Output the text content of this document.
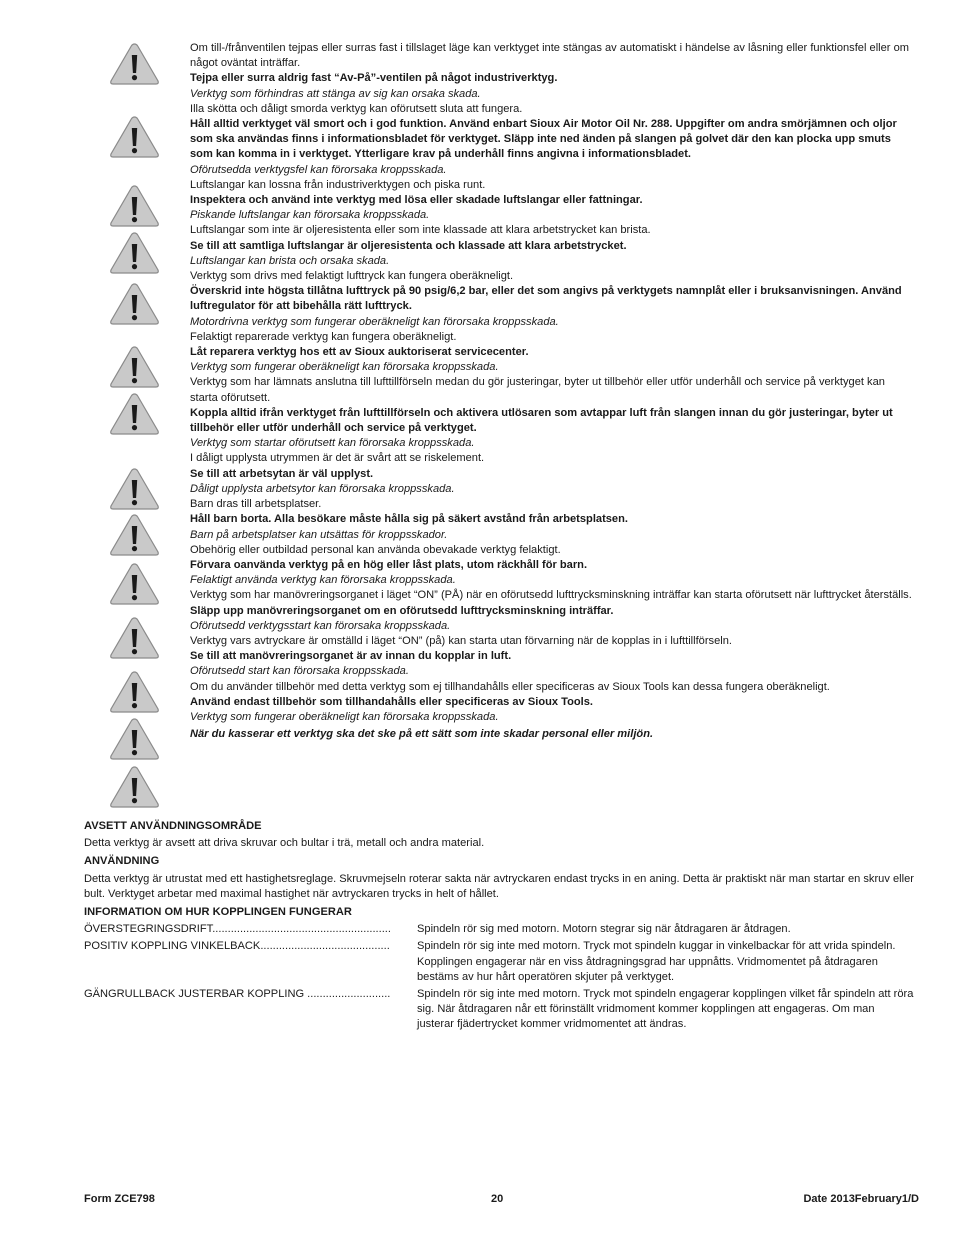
Om till-/frånventilen tejpas eller surras fast i tillslaget läge kan verktyget inte stängas av automatiskt i händelse av låsning eller funktionsfel eller om något oväntat inträffar.

Tejpa eller surra aldrig fast “Av-På”-ventilen på något industriverktyg.

Verktyg som förhindras att stänga av sig kan orsaka skada.

Illa skötta och dåligt smorda verktyg kan oförutsett sluta att fungera.

Håll alltid verktyget väl smort och i god funktion. Använd enbart Sioux Air Motor Oil Nr. 288. Uppgifter om andra smörjämnen och oljor som ska användas finns i informationsbladet för verktyget. Släpp inte ned änden på slangen på golvet där den kan plocka upp smuts som kan komma in i verktyget. Ytterligare krav på underhåll finns angivna i informationsbladet.

Oförutsedda verktygsfel kan förorsaka kroppsskada.

Luftslangar kan lossna från industriverktygen och piska runt.

Inspektera och använd inte verktyg med lösa eller skadade luftslangar eller fattningar.

Piskande luftslangar kan förorsaka kroppsskada.

Luftslangar som inte är oljeresistenta eller som inte klassade att klara arbetstrycket kan brista.

Se till att samtliga luftslangar är oljeresistenta och klassade att klara arbetstrycket.

Luftslangar kan brista och orsaka skada.

Verktyg som drivs med felaktigt lufttryck kan fungera oberäkneligt.

Överskrid inte högsta tillåtna lufttryck på 90 psig/6,2 bar, eller det som angivs på verktygets namnplåt eller i bruksanvisningen. Använd luftregulator för att bibehålla rätt lufttryck.

Motordrivna verktyg som fungerar oberäkneligt kan förorsaka kroppsskada.

Felaktigt reparerade verktyg kan fungera oberäkneligt.

Låt reparera verktyg hos ett av Sioux auktoriserat servicecenter.

Verktyg som fungerar oberäkneligt kan förorsaka kroppsskada.

Verktyg som har lämnats anslutna till lufttillförseln medan du gör justeringar, byter ut tillbehör eller utför underhåll och service på verktyget kan starta oförutsett.

Koppla alltid ifrån verktyget från lufttillförseln och aktivera utlösaren som avtappar luft från slangen innan du gör justeringar, byter ut tillbehör eller utför underhåll och service på verktyget.

Verktyg som startar oförutsett kan förorsaka kroppsskada.

I dåligt upplysta utrymmen är det är svårt att se riskelement.

Se till att arbetsytan är väl upplyst.

Dåligt upplysta arbetsytor kan förorsaka kroppsskada.

Barn dras till arbetsplatser.

Håll barn borta. Alla besökare måste hålla sig på säkert avstånd från arbetsplatsen.

Barn på arbetsplatser kan utsättas för kroppsskador.

Obehörig eller outbildad personal kan använda obevakade verktyg felaktigt.

Förvara oanvända verktyg på en hög eller låst plats, utom räckhåll för barn.

Felaktigt använda verktyg kan förorsaka kroppsskada.

Verktyg som har manövreringsorganet i läget “ON” (PÅ) när en oförutsedd lufttrycksminskning inträffar kan starta oförutsett när lufttrycket återställs.

Släpp upp manövreringsorganet om en oförutsedd lufttrycksminskning inträffar.

Oförutsedd verktygsstart kan förorsaka kroppsskada.

Verktyg vars avtryckare är omställd i läget “ON” (på) kan starta utan förvarning när de kopplas in i lufttillförseln.

Se till att manövreringsorganet är av innan du kopplar in luft.

Oförutsedd start kan förorsaka kroppsskada.

Om du använder tillbehör med detta verktyg som ej tillhandahålls eller specificeras av Sioux Tools kan dessa fungera oberäkneligt.

Använd endast tillbehör som tillhandahålls eller specificeras av Sioux Tools.

Verktyg som fungerar oberäkneligt kan förorsaka kroppsskada.

När du kasserar ett verktyg ska det ske på ett sätt som inte skadar personal eller miljön.

AVSETT ANVÄNDNINGSOMRÅDE

Detta verktyg är avsett att driva skruvar och bultar i trä, metall och andra material.

ANVÄNDNING

Detta verktyg är utrustat med ett hastighetsreglage. Skruvmejseln roterar sakta när avtryckaren endast trycks in en aning. Detta är praktiskt när man startar en skruv eller bult. Verktyget arbetar med maximal hastighet när avtryckaren trycks in helt of hållet.

INFORMATION OM HUR KOPPLINGEN FUNGERAR

ÖVERSTEGRINGSDRIFT..........................................................	Spindeln rör sig med motorn. Motorn stegrar sig när åtdragaren är åtdragen.
POSITIV KOPPLING VINKELBACK..........................................	Spindeln rör sig inte med motorn. Tryck mot spindeln kuggar in vinkelbackar för att vrida spindeln. Kopplingen engagerar när en viss åtdragningsgrad har uppnåtts. Vridmomentet på åtdragaren bestäms av hur hårt operatören skjuter på verktyget.
GÄNGRULLBACK JUSTERBAR KOPPLING ...........................	Spindeln rör sig inte med motorn. Tryck mot spindeln engagerar kopplingen vilket får spindeln att röra sig. När åtdragaren når ett förinställt vridmoment kommer kopplingen att engageras. Om man justerar fjädertrycket kommer vridmomentet att ändras.
Form ZCE798	20	Date 2013February1/D
